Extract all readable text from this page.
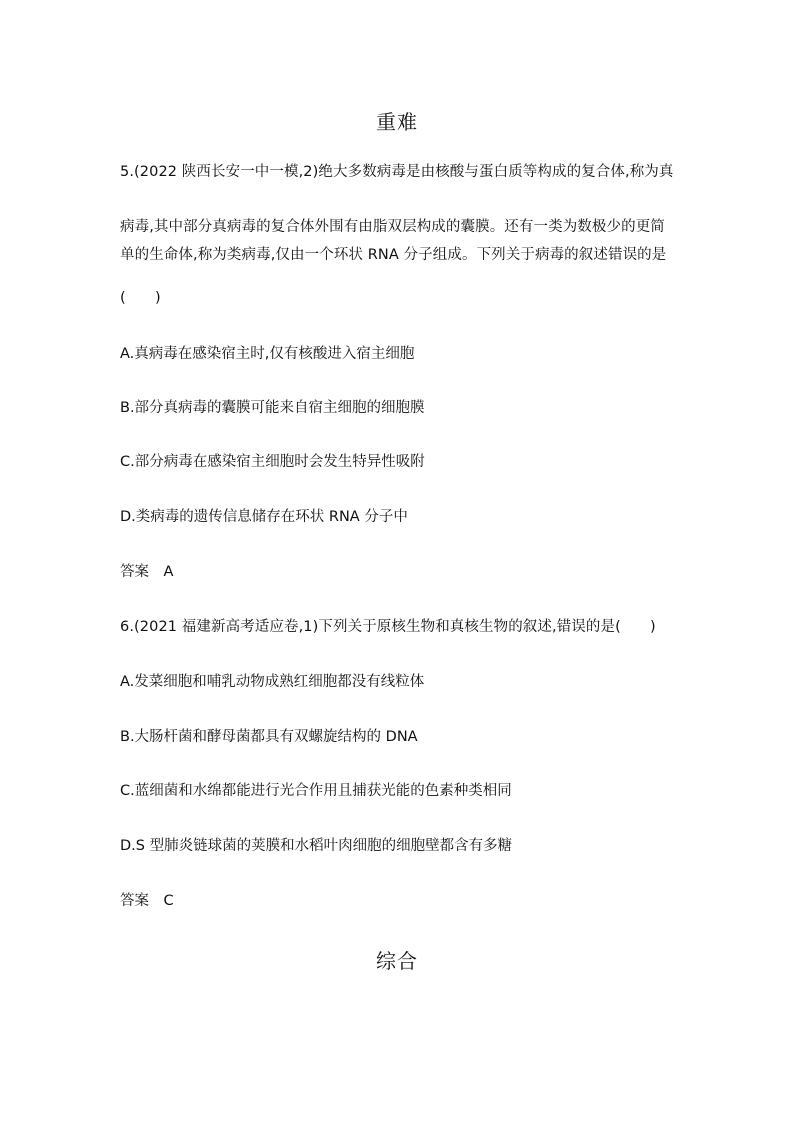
重难
5.(2022 陕西长安一中一模,2)绝大多数病毒是由核酸与蛋白质等构成的复合体,称为真
病毒,其中部分真病毒的复合体外围有由脂双层构成的囊膜。还有一类为数极少的更简
单的生命体,称为类病毒,仅由一个环状 RNA 分子组成。下列关于病毒的叙述错误的是
(　　)
A.真病毒在感染宿主时,仅有核酸进入宿主细胞
B.部分真病毒的囊膜可能来自宿主细胞的细胞膜
C.部分病毒在感染宿主细胞时会发生特异性吸附
D.类病毒的遗传信息储存在环状 RNA 分子中
答案　A
6.(2021 福建新高考适应卷,1)下列关于原核生物和真核生物的叙述,错误的是(　　)
A.发菜细胞和哺乳动物成熟红细胞都没有线粒体
B.大肠杆菌和酵母菌都具有双螺旋结构的 DNA
C.蓝细菌和水绵都能进行光合作用且捕获光能的色素种类相同
D.S 型肺炎链球菌的荚膜和水稻叶肉细胞的细胞壁都含有多糖
答案　C
综合
